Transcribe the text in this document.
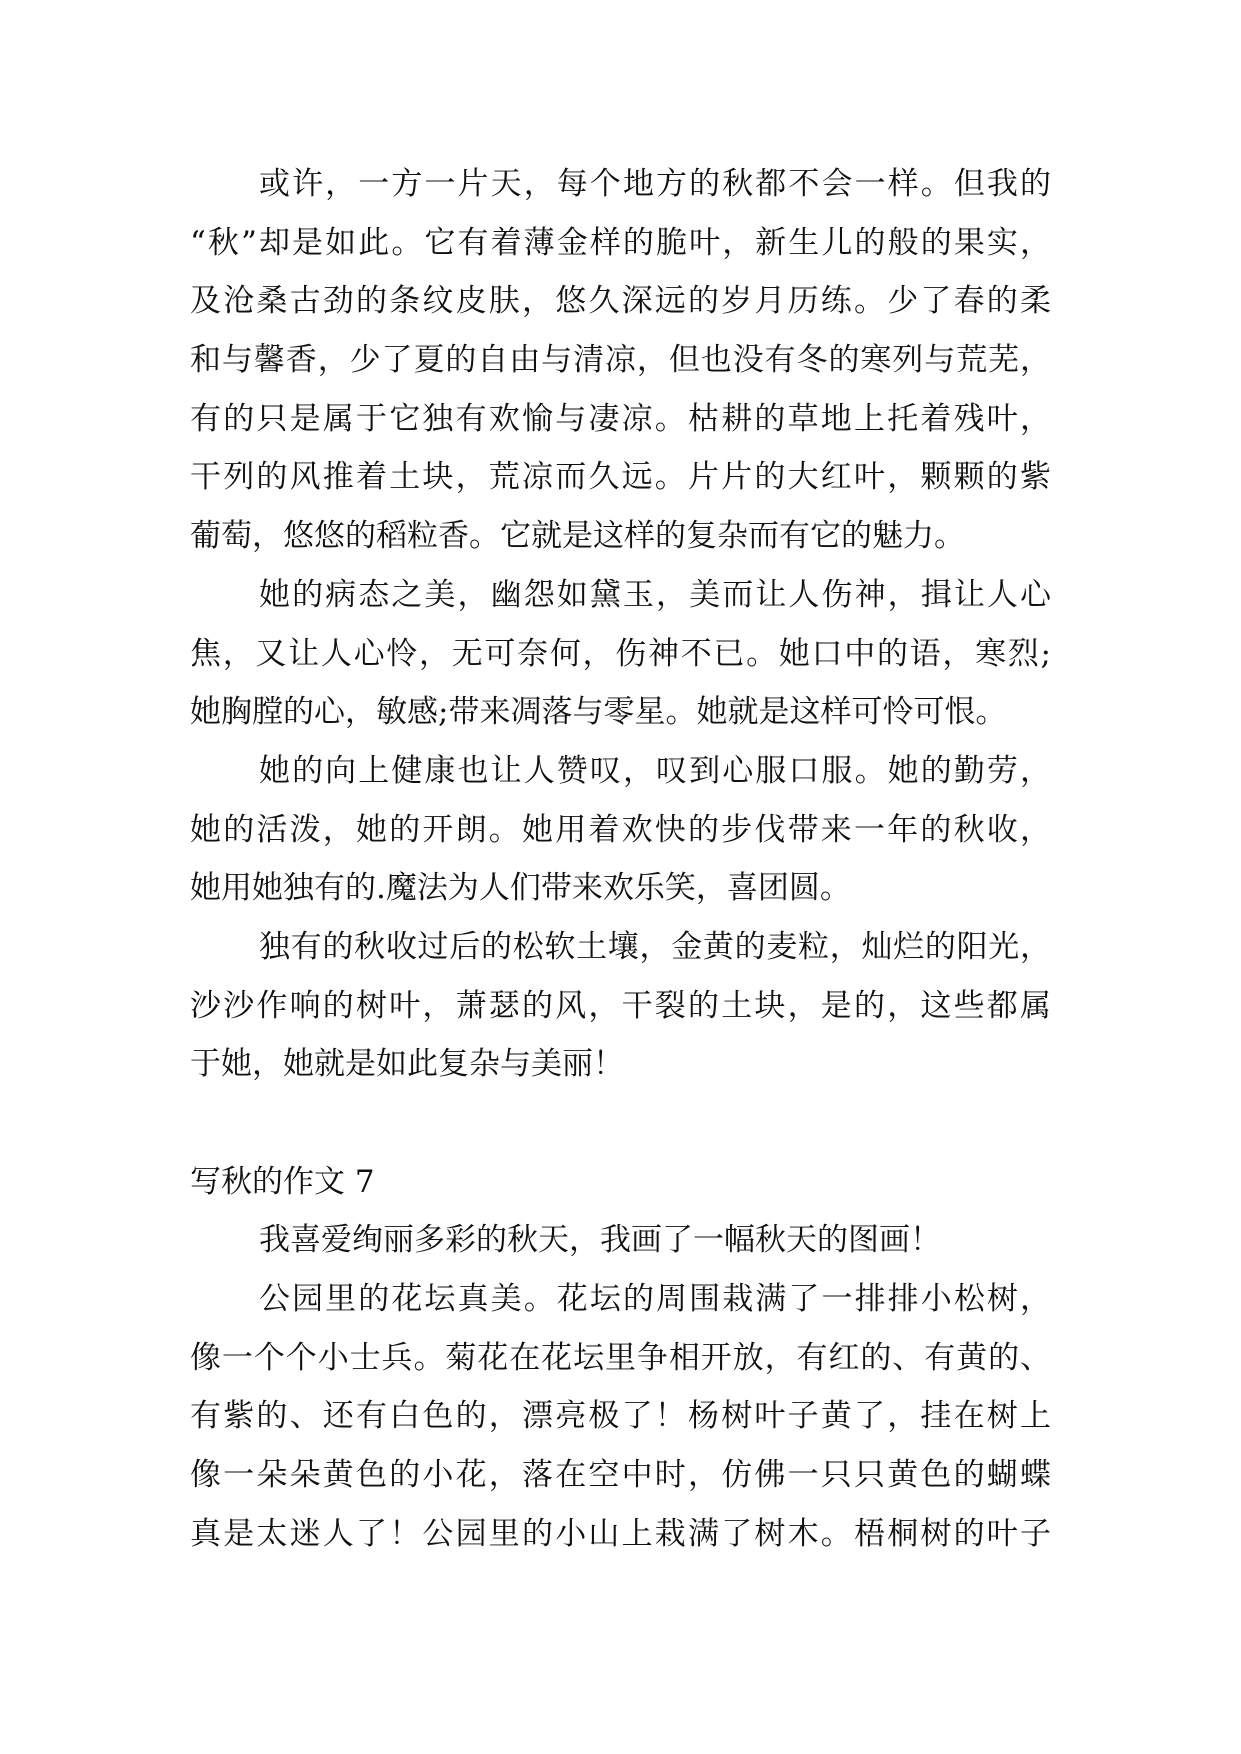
或许，一方一片天，每个地方的秋都不会一样。但我的
“秋”却是如此。它有着薄金样的脆叶，新生儿的般的果实，
及沧桑古劲的条纹皮肤，悠久深远的岁月历练。少了春的柔
和与馨香，少了夏的自由与清凉，但也没有冬的寒列与荒芜，
有的只是属于它独有欢愉与凄凉。枯耕的草地上托着残叶，
干列的风推着土块，荒凉而久远。片片的大红叶，颗颗的紫
葡萄，悠悠的稻粒香。它就是这样的复杂而有它的魅力。
她的病态之美，幽怨如黛玉，美而让人伤神，揖让人心
焦，又让人心怜，无可奈何，伤神不已。她口中的语，寒烈;
她胸膛的心，敏感;带来凋落与零星。她就是这样可怜可恨。
她的向上健康也让人赞叹，叹到心服口服。她的勤劳，
她的活泼，她的开朗。她用着欢快的步伐带来一年的秋收，
她用她独有的.魔法为人们带来欢乐笑，喜团圆。
独有的秋收过后的松软土壤，金黄的麦粒，灿烂的阳光，
沙沙作响的树叶，萧瑟的风，干裂的土块，是的，这些都属
于她，她就是如此复杂与美丽！
写秋的作文 7
我喜爱绚丽多彩的秋天，我画了一幅秋天的图画！
公园里的花坛真美。花坛的周围栽满了一排排小松树，
像一个个小士兵。菊花在花坛里争相开放，有红的、有黄的、
有紫的、还有白色的，漂亮极了！杨树叶子黄了，挂在树上
像一朵朵黄色的小花，落在空中时，仿佛一只只黄色的蝴蝶
真是太迷人了！公园里的小山上栽满了树木。梧桐树的叶子
